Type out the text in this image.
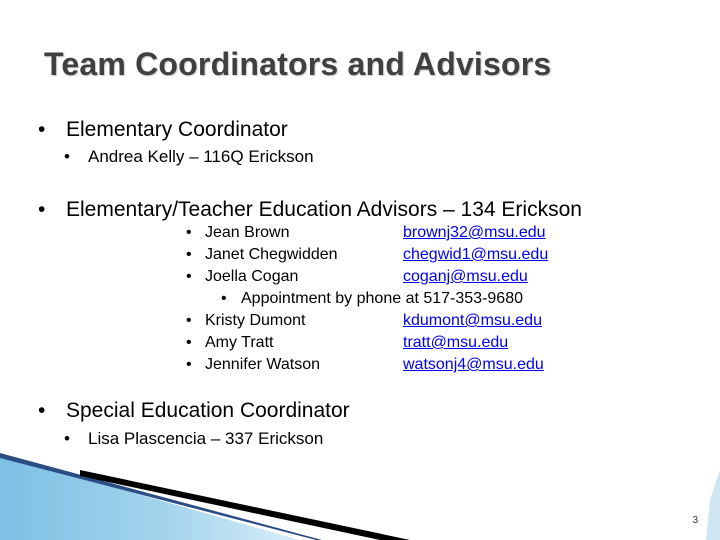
Team Coordinators and Advisors
• Elementary Coordinator
• Andrea Kelly – 116Q Erickson
• Elementary/Teacher Education Advisors – 134 Erickson
• Jean Brown	brownj32@msu.edu
• Janet Chegwidden	chegwid1@msu.edu
• Joella Cogan	coganj@msu.edu
• Appointment by phone at 517-353-9680
• Kristy Dumont	kdumont@msu.edu
• Amy Tratt	tratt@msu.edu
• Jennifer Watson	watsonj4@msu.edu
• Special Education Coordinator
• Lisa Plascencia – 337 Erickson
3
